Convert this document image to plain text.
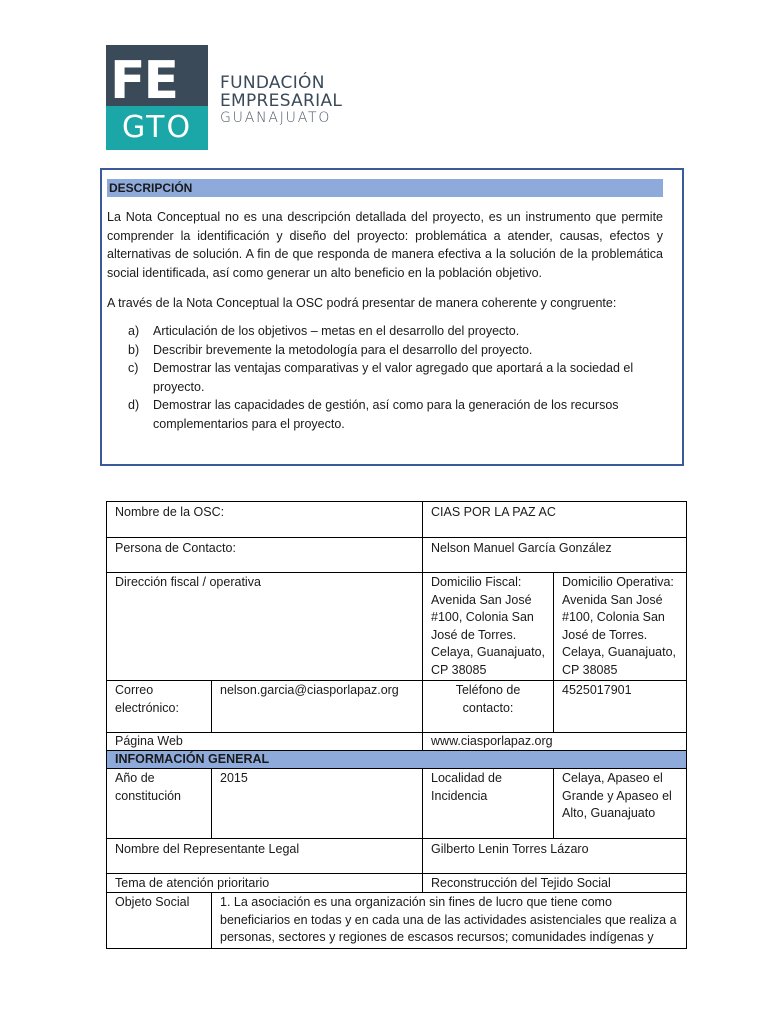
FE
GTO
FUNDACIÓN
EMPRESARIAL
GUANAJUATO
DESCRIPCIÓN

La Nota Conceptual no es una descripción detallada del proyecto, es un instrumento que permite comprender la identificación y diseño del proyecto: problemática a atender, causas, efectos y alternativas de solución. A fin de que responda de manera efectiva a la solución de la problemática social identificada, así como generar un alto beneficio en la población objetivo.

A través de la Nota Conceptual la OSC podrá presentar de manera coherente y congruente:

a)	Articulación de los objetivos – metas en el desarrollo del proyecto.
b)	Describir brevemente la metodología para el desarrollo del proyecto.
c)	Demostrar las ventajas comparativas y el valor agregado que aportará a la sociedad el proyecto.
d)	Demostrar las capacidades de gestión, así como para la generación de los recursos complementarios para el proyecto.
Nombre de la OSC:		CIAS POR LA PAZ AC	
Persona de Contacto:		Nelson Manuel García González	
Dirección fiscal / operativa		Domicilio Fiscal: Avenida San José #100, Colonia San José de Torres. Celaya, Guanajuato, CP 38085	Domicilio Operativa: Avenida San José #100, Colonia San José de Torres. Celaya, Guanajuato, CP 38085
Correo electrónico:	nelson.garcia@ciasporlapaz.org	Teléfono de contacto:	4525017901
Página Web		www.ciasporlapaz.org	
INFORMACIÓN GENERAL			
Año de constitución	2015	Localidad de Incidencia	Celaya, Apaseo el Grande y Apaseo el Alto, Guanajuato
Nombre del Representante Legal		Gilberto Lenin Torres Lázaro	
Tema de atención prioritario		Reconstrucción del Tejido Social	
Objeto Social	1. La asociación es una organización sin fines de lucro que tiene como beneficiarios en todas y en cada una de las actividades asistenciales que realiza a personas, sectores y regiones de escasos recursos; comunidades indígenas y		
